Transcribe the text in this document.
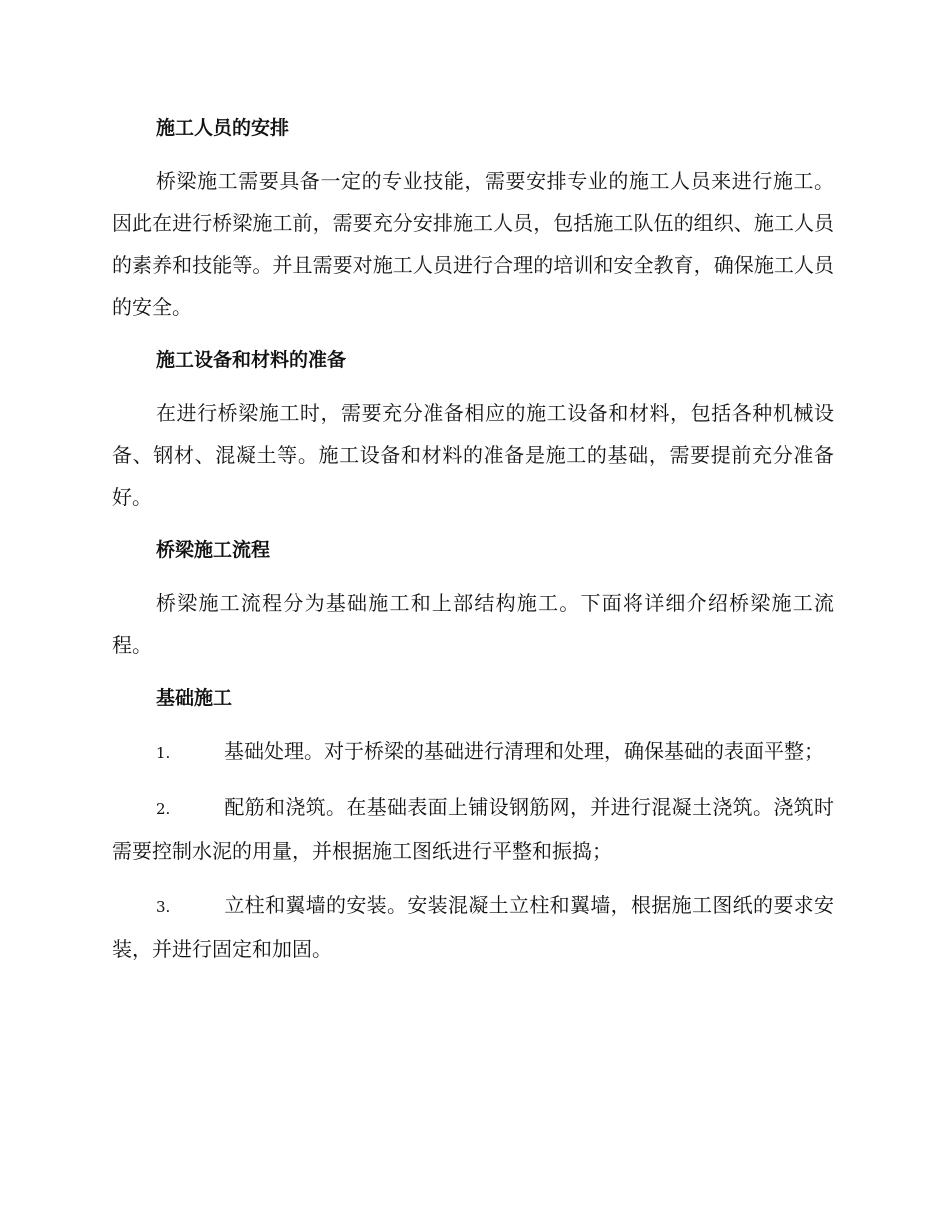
施工人员的安排

桥梁施工需要具备一定的专业技能，需要安排专业的施工人员来进行施工。因此在进行桥梁施工前，需要充分安排施工人员，包括施工队伍的组织、施工人员的素养和技能等。并且需要对施工人员进行合理的培训和安全教育，确保施工人员的安全。

施工设备和材料的准备

在进行桥梁施工时，需要充分准备相应的施工设备和材料，包括各种机械设备、钢材、混凝土等。施工设备和材料的准备是施工的基础，需要提前充分准备好。

桥梁施工流程

桥梁施工流程分为基础施工和上部结构施工。下面将详细介绍桥梁施工流程。

基础施工

1.	基础处理。对于桥梁的基础进行清理和处理，确保基础的表面平整；

2.	配筋和浇筑。在基础表面上铺设钢筋网，并进行混凝土浇筑。浇筑时需要控制水泥的用量，并根据施工图纸进行平整和振捣；

3.	立柱和翼墙的安装。安装混凝土立柱和翼墙，根据施工图纸的要求安装，并进行固定和加固。
